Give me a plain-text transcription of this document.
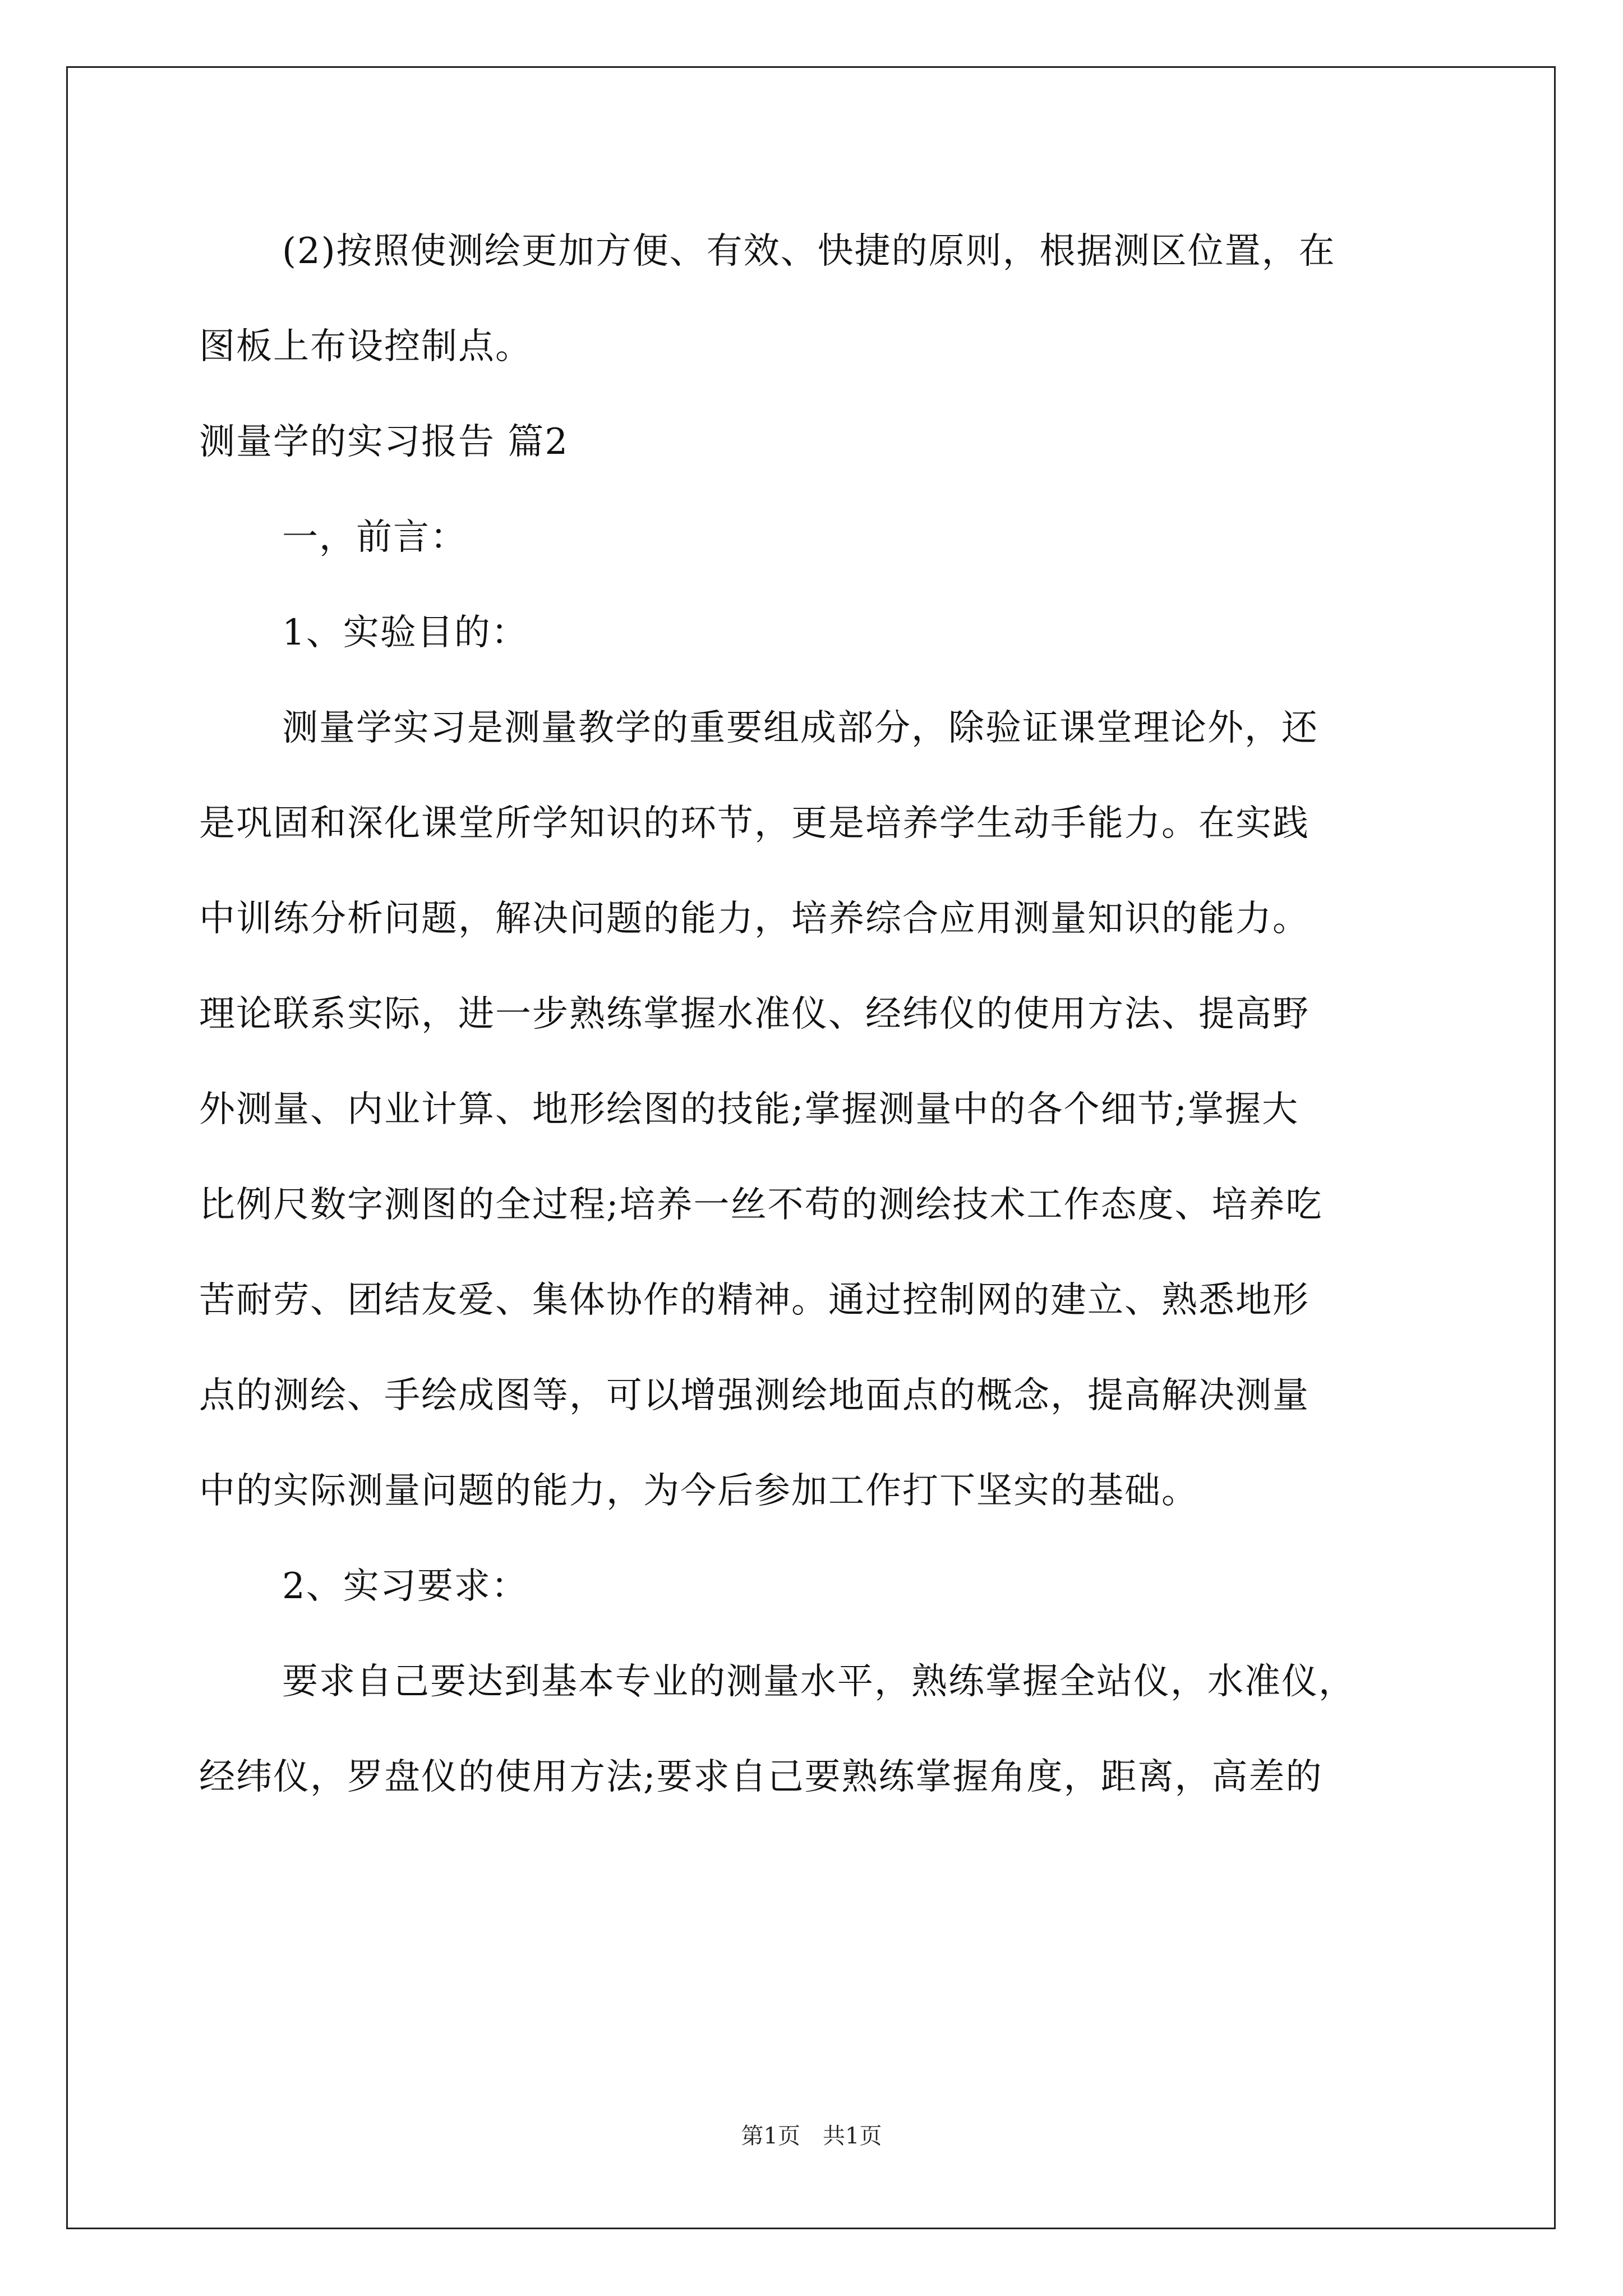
(2)按照使测绘更加方便、有效、快捷的原则，根据测区位置，在
图板上布设控制点。
测量学的实习报告 篇2
一，前言：
1、实验目的：
测量学实习是测量教学的重要组成部分，除验证课堂理论外，还
是巩固和深化课堂所学知识的环节，更是培养学生动手能力。在实践
中训练分析问题，解决问题的能力，培养综合应用测量知识的能力。
理论联系实际，进一步熟练掌握水准仪、经纬仪的使用方法、提高野
外测量、内业计算、地形绘图的技能;掌握测量中的各个细节;掌握大
比例尺数字测图的全过程;培养一丝不苟的测绘技术工作态度、培养吃
苦耐劳、团结友爱、集体协作的精神。通过控制网的建立、熟悉地形
点的测绘、手绘成图等，可以增强测绘地面点的概念，提高解决测量
中的实际测量问题的能力，为今后参加工作打下坚实的基础。
2、实习要求：
要求自己要达到基本专业的测量水平，熟练掌握全站仪，水准仪，
经纬仪，罗盘仪的使用方法;要求自己要熟练掌握角度，距离，高差的
第1页　共1页
